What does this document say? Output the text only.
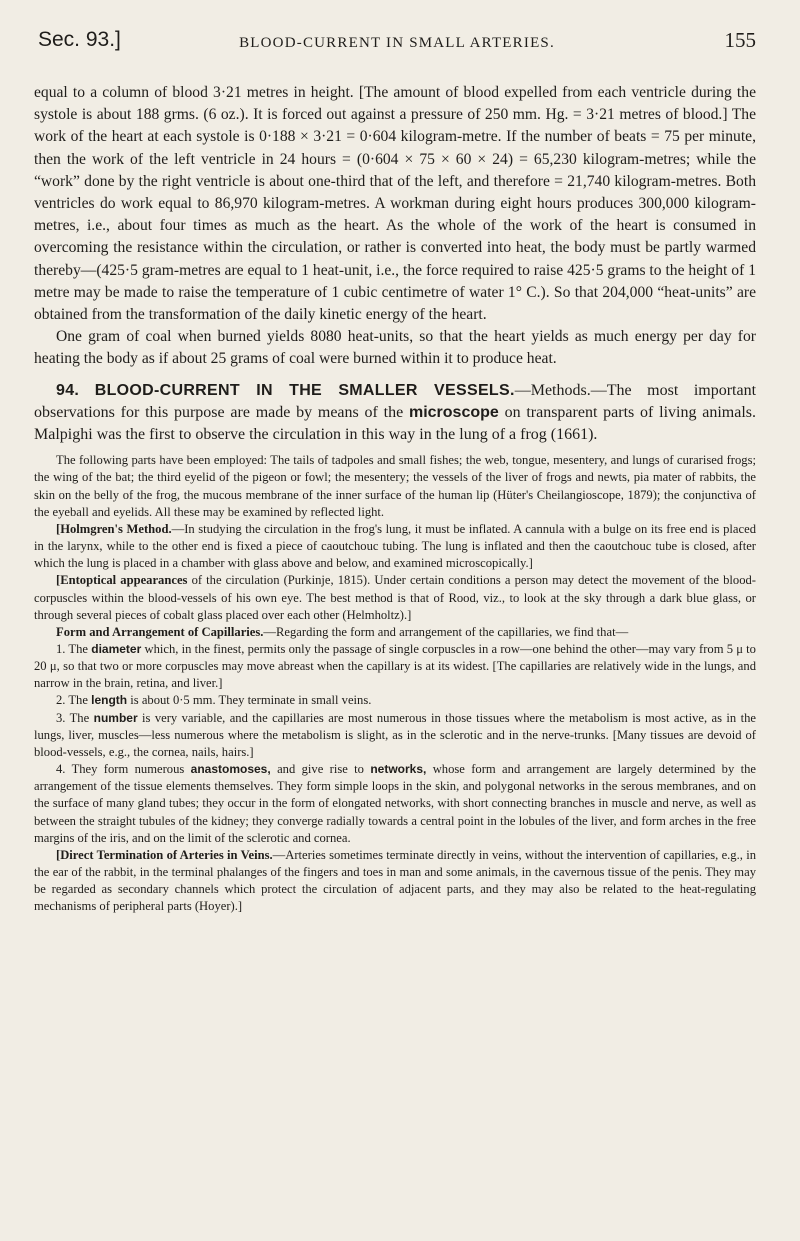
Sec. 93.]	BLOOD-CURRENT IN SMALL ARTERIES.	155

equal to a column of blood 3·21 metres in height. [The amount of blood expelled from each ventricle during the systole is about 188 grms. (6 oz.). It is forced out against a pressure of 250 mm. Hg. = 3·21 metres of blood.] The work of the heart at each systole is 0·188 × 3·21 = 0·604 kilogram-metre. If the number of beats = 75 per minute, then the work of the left ventricle in 24 hours = (0·604 × 75 × 60 × 24) = 65,230 kilogram-metres; while the “work” done by the right ventricle is about one-third that of the left, and therefore = 21,740 kilogram-metres. Both ventricles do work equal to 86,970 kilogram-metres. A workman during eight hours produces 300,000 kilogram-metres, i.e., about four times as much as the heart. As the whole of the work of the heart is consumed in overcoming the resistance within the circulation, or rather is converted into heat, the body must be partly warmed thereby—(425·5 gram-metres are equal to 1 heat-unit, i.e., the force required to raise 425·5 grams to the height of 1 metre may be made to raise the temperature of 1 cubic centimetre of water 1° C.). So that 204,000 “heat-units” are obtained from the transformation of the daily kinetic energy of the heart.

One gram of coal when burned yields 8080 heat-units, so that the heart yields as much energy per day for heating the body as if about 25 grams of coal were burned within it to produce heat.

94. BLOOD-CURRENT IN THE SMALLER VESSELS.—Methods.—The most important observations for this purpose are made by means of the microscope on transparent parts of living animals. Malpighi was the first to observe the circulation in this way in the lung of a frog (1661).

The following parts have been employed: The tails of tadpoles and small fishes; the web, tongue, mesentery, and lungs of curarised frogs; the wing of the bat; the third eyelid of the pigeon or fowl; the mesentery; the vessels of the liver of frogs and newts, pia mater of rabbits, the skin on the belly of the frog, the mucous membrane of the inner surface of the human lip (Hüter's Cheilangioscope, 1879); the conjunctiva of the eyeball and eyelids. All these may be examined by reflected light.

[Holmgren's Method.—In studying the circulation in the frog's lung, it must be inflated. A cannula with a bulge on its free end is placed in the larynx, while to the other end is fixed a piece of caoutchouc tubing. The lung is inflated and then the caoutchouc tube is closed, after which the lung is placed in a chamber with glass above and below, and examined microscopically.]

[Entoptical appearances of the circulation (Purkinje, 1815). Under certain conditions a person may detect the movement of the blood-corpuscles within the blood-vessels of his own eye. The best method is that of Rood, viz., to look at the sky through a dark blue glass, or through several pieces of cobalt glass placed over each other (Helmholtz).]

Form and Arrangement of Capillaries.—Regarding the form and arrangement of the capillaries, we find that—

1. The diameter which, in the finest, permits only the passage of single corpuscles in a row—one behind the other—may vary from 5 μ to 20 μ, so that two or more corpuscles may move abreast when the capillary is at its widest. [The capillaries are relatively wide in the lungs, and narrow in the brain, retina, and liver.]

2. The length is about 0·5 mm. They terminate in small veins.

3. The number is very variable, and the capillaries are most numerous in those tissues where the metabolism is most active, as in the lungs, liver, muscles—less numerous where the metabolism is slight, as in the sclerotic and in the nerve-trunks. [Many tissues are devoid of blood-vessels, e.g., the cornea, nails, hairs.]

4. They form numerous anastomoses, and give rise to networks, whose form and arrangement are largely determined by the arrangement of the tissue elements themselves. They form simple loops in the skin, and polygonal networks in the serous membranes, and on the surface of many gland tubes; they occur in the form of elongated networks, with short connecting branches in muscle and nerve, as well as between the straight tubules of the kidney; they converge radially towards a central point in the lobules of the liver, and form arches in the free margins of the iris, and on the limit of the sclerotic and cornea.

[Direct Termination of Arteries in Veins.—Arteries sometimes terminate directly in veins, without the intervention of capillaries, e.g., in the ear of the rabbit, in the terminal phalanges of the fingers and toes in man and some animals, in the cavernous tissue of the penis. They may be regarded as secondary channels which protect the circulation of adjacent parts, and they may also be related to the heat-regulating mechanisms of peripheral parts (Hoyer).]
